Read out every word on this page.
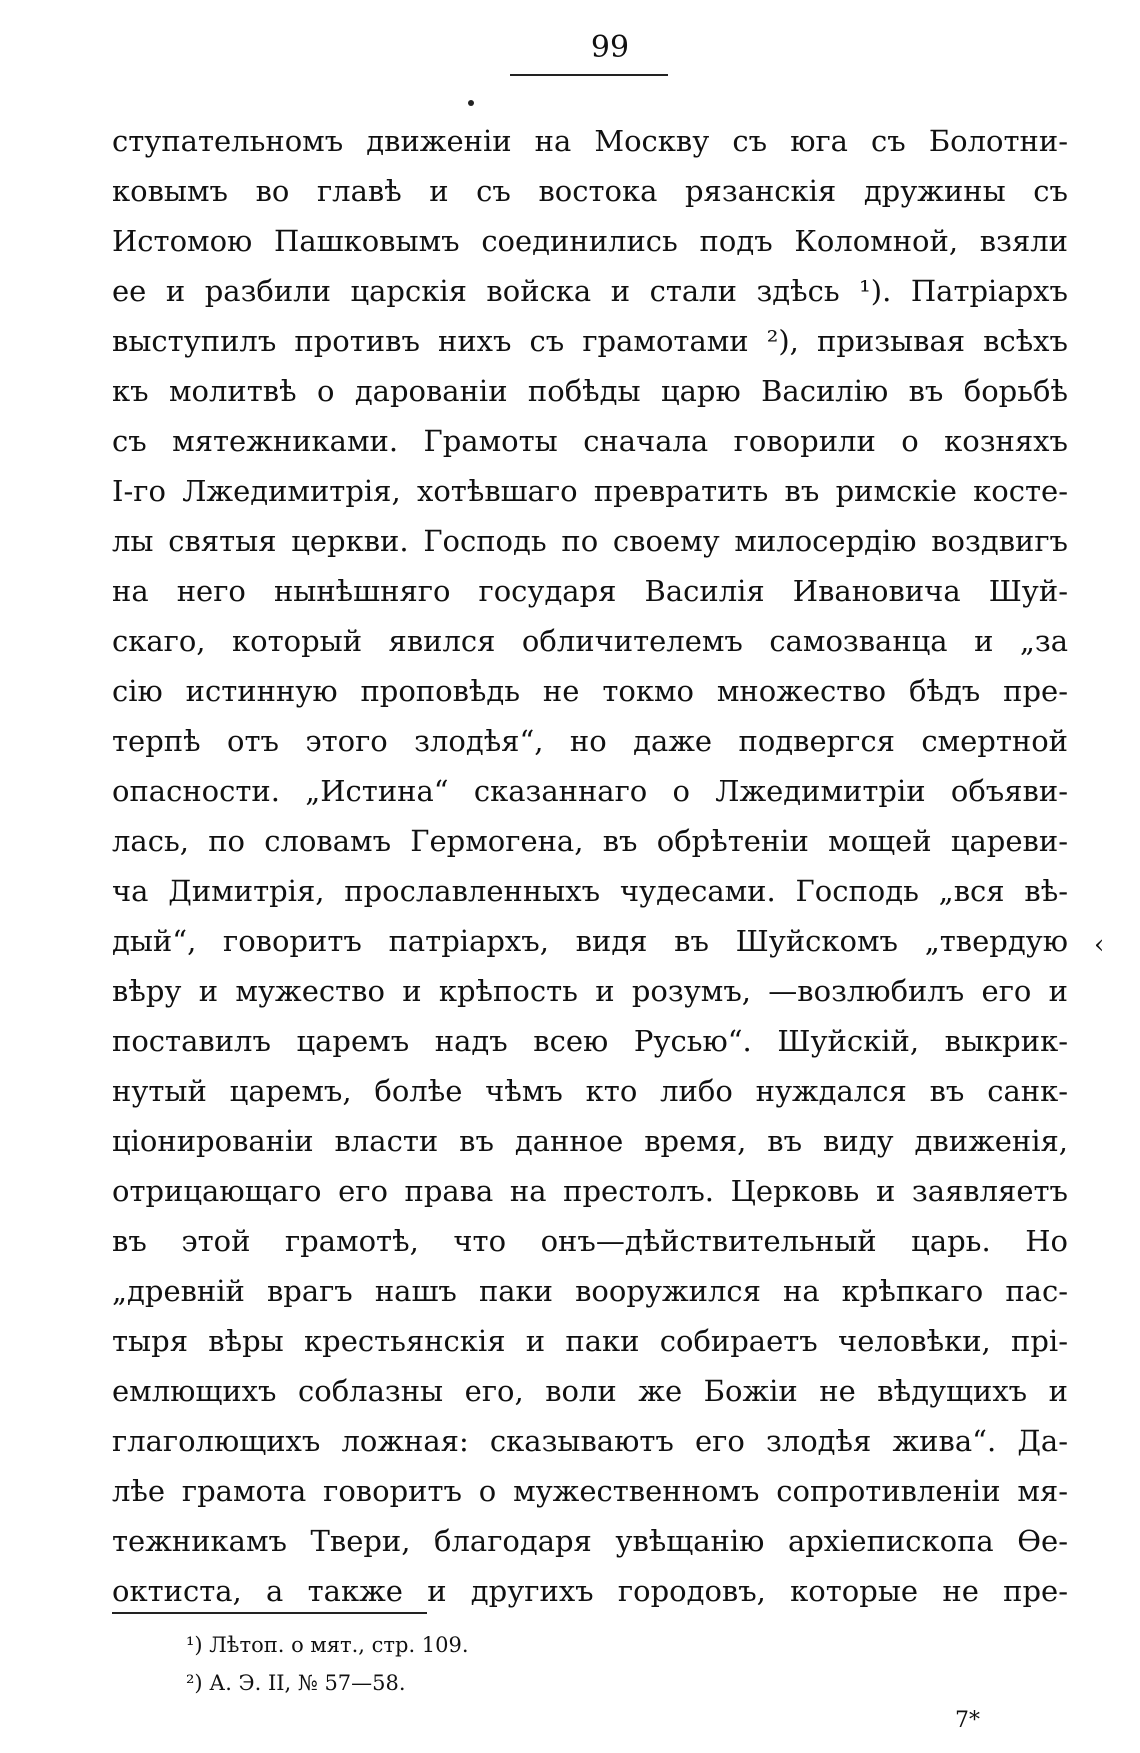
99
ступательномъ движеніи на Москву съ юга съ Болотни-
ковымъ во главѣ и съ востока рязанскія дружины съ
Истомою Пашковымъ соединились подъ Коломной, взяли
ее и разбили царскія войска и стали здѣсь ¹). Патріархъ
выступилъ противъ нихъ съ грамотами ²), призывая всѣхъ
къ молитвѣ о дарованіи побѣды царю Василію въ борьбѣ
съ мятежниками. Грамоты сначала говорили о козняхъ
І-го Лжедимитрія, хотѣвшаго превратить въ римскіе косте-
лы святыя церкви. Господь по своему милосердію воздвигъ
на него нынѣшняго государя Василія Ивановича Шуй-
скаго, который явился обличителемъ самозванца и „за
сію истинную проповѣдь не токмо множество бѣдъ пре-
терпѣ отъ этого злодѣя“, но даже подвергся смертной
опасности. „Истина“ сказаннаго о Лжедимитріи объяви-
лась, по словамъ Гермогена, въ обрѣтеніи мощей цареви-
ча Димитрія, прославленныхъ чудесами. Господь „вся вѣ-
дый“, говоритъ патріархъ, видя въ Шуйскомъ „твердую
вѣру и мужество и крѣпость и розумъ, —возлюбилъ его и
поставилъ царемъ надъ всею Русью“. Шуйскій, выкрик-
нутый царемъ, болѣе чѣмъ кто либо нуждался въ санк-
ціонированіи власти въ данное время, въ виду движенія,
отрицающаго его права на престолъ. Церковь и заявляетъ
въ этой грамотѣ, что онъ—дѣйствительный царь. Но
„древній врагъ нашъ паки вооружился на крѣпкаго пас-
тыря вѣры крестьянскія и паки собираетъ человѣки, прі-
емлющихъ соблазны его, воли же Божіи не вѣдущихъ и
глаголющихъ ложная: сказываютъ его злодѣя жива“. Да-
лѣе грамота говоритъ о мужественномъ сопротивленіи мя-
тежникамъ Твери, благодаря увѣщанію архіепископа Ѳе-
октиста, а также и другихъ городовъ, которые не пре-
‹
¹) Лѣтоп. о мят., стр. 109.
²) А. Э. II, № 57—58.
7*
